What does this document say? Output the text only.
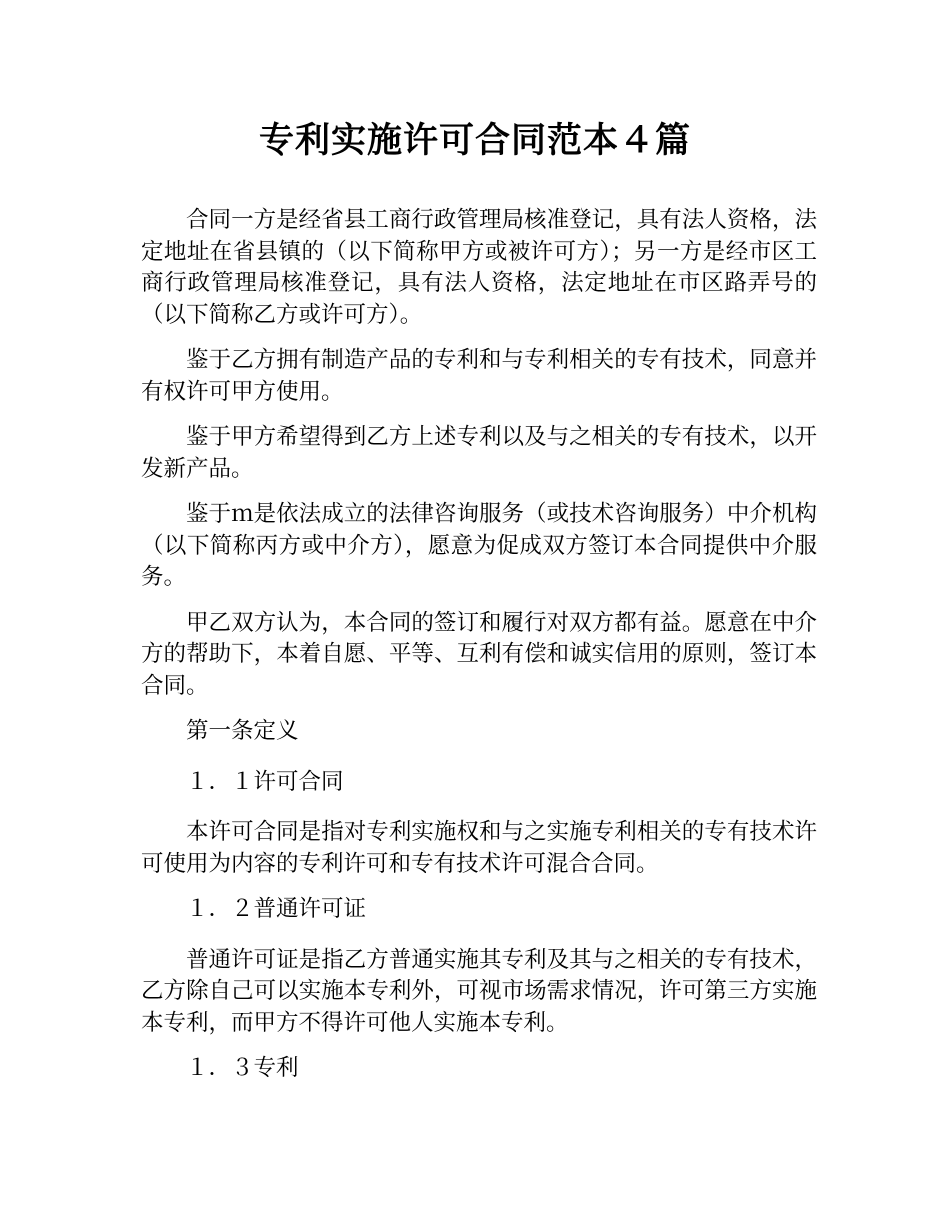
专利实施许可合同范本４篇

合同一方是经省县工商行政管理局核准登记，具有法人资格，法定地址在省县镇的（以下简称甲方或被许可方）；另一方是经市区工商行政管理局核准登记，具有法人资格，法定地址在市区路弄号的（以下简称乙方或许可方）。

鉴于乙方拥有制造产品的专利和与专利相关的专有技术，同意并有权许可甲方使用。

鉴于甲方希望得到乙方上述专利以及与之相关的专有技术，以开发新产品。

鉴于ｍ是依法成立的法律咨询服务（或技术咨询服务）中介机构（以下简称丙方或中介方），愿意为促成双方签订本合同提供中介服务。

甲乙双方认为，本合同的签订和履行对双方都有益。愿意在中介方的帮助下，本着自愿、平等、互利有偿和诚实信用的原则，签订本合同。

第一条定义

１．１许可合同

本许可合同是指对专利实施权和与之实施专利相关的专有技术许可使用为内容的专利许可和专有技术许可混合合同。

１．２普通许可证

普通许可证是指乙方普通实施其专利及其与之相关的专有技术，乙方除自己可以实施本专利外，可视市场需求情况，许可第三方实施本专利，而甲方不得许可他人实施本专利。

１．３专利
